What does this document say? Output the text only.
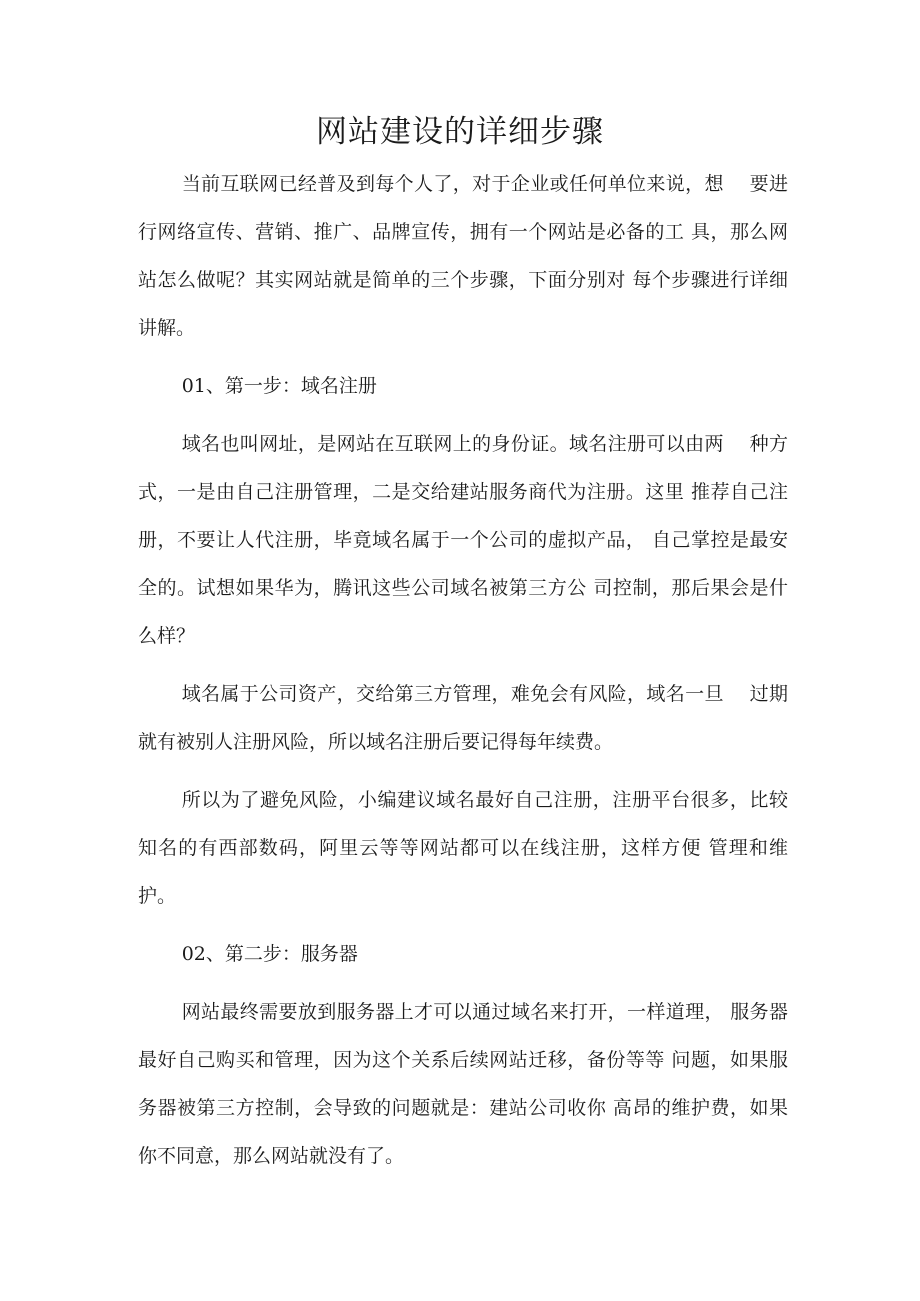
网站建设的详细步骤

当前互联网已经普及到每个人了，对于企业或任何单位来说，想　 要进行网络宣传、营销、推广、品牌宣传，拥有一个网站是必备的工 具，那么网站怎么做呢？其实网站就是简单的三个步骤，下面分别对 每个步骤进行详细讲解。

01、第一步：域名注册

域名也叫网址，是网站在互联网上的身份证。域名注册可以由两　 种方式，一是由自己注册管理，二是交给建站服务商代为注册。这里 推荐自己注册，不要让人代注册，毕竟域名属于一个公司的虚拟产品， 自己掌控是最安全的。试想如果华为，腾讯这些公司域名被第三方公 司控制，那后果会是什么样？

域名属于公司资产，交给第三方管理，难免会有风险，域名一旦　 过期就有被别人注册风险，所以域名注册后要记得每年续费。

所以为了避免风险，小编建议域名最好自己注册，注册平台很多，比较知名的有西部数码，阿里云等等网站都可以在线注册，这样方便 管理和维护。

02、第二步：服务器

网站最终需要放到服务器上才可以通过域名来打开，一样道理， 服务器最好自己购买和管理，因为这个关系后续网站迁移，备份等等 问题，如果服务器被第三方控制，会导致的问题就是：建站公司收你 高昂的维护费，如果你不同意，那么网站就没有了。
